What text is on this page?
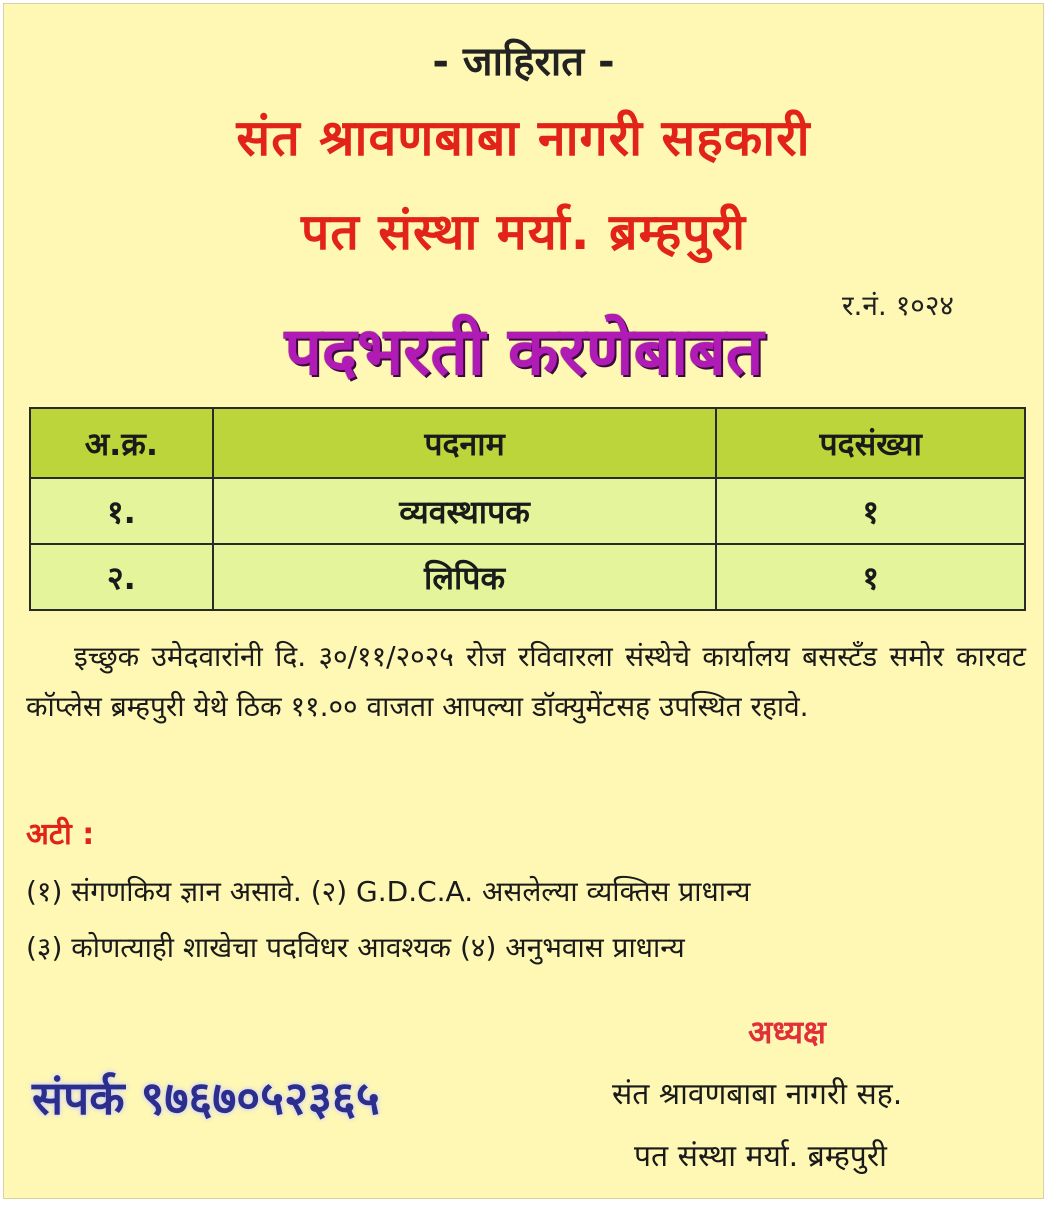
- जाहिरात -
संत श्रावणबाबा नागरी सहकारी
पत संस्था मर्या. ब्रम्हपुरी
र.नं. १०२४
पदभरती करणेबाबत
अ.क्र.	पदनाम	पदसंख्या
१.	व्यवस्थापक	१
२.	लिपिक	१
इच्छुक उमेदवारांनी दि. ३०/११/२०२५ रोज रविवारला संस्थेचे कार्यालय बसस्टँड समोर कारवट कॉप्लेस ब्रम्हपुरी येथे ठिक ११.०० वाजता आपल्या डॉक्युमेंटसह उपस्थित रहावे.
अटी :
(१) संगणकिय ज्ञान असावे. (२) G.D.C.A. असलेल्या व्यक्तिस प्राधान्य
(३) कोणत्याही शाखेचा पदविधर आवश्यक (४) अनुभवास प्राधान्य
अध्यक्ष
संपर्क ९७६७०५२३६५	संत श्रावणबाबा नागरी सह.
पत संस्था मर्या. ब्रम्हपुरी
